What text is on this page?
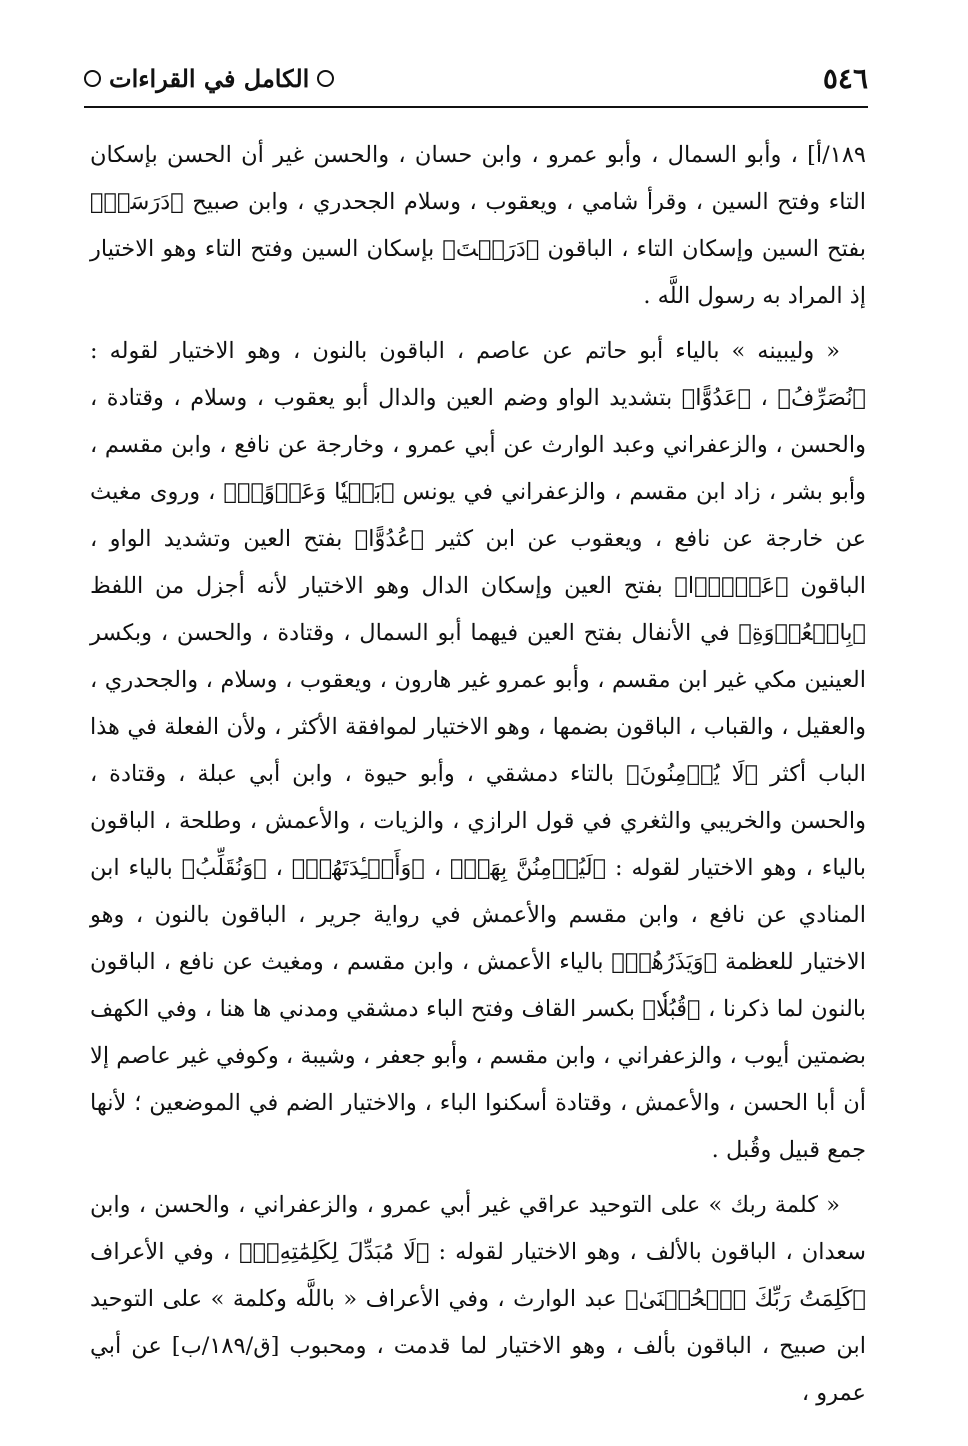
٥٤٦
الكامل في القراءات

١٨٩/أ] ، وأبو السمال ، وأبو عمرو ، وابن حسان ، والحسن غير أن الحسن بإسكان التاء وفتح السين ، وقرأ شامي ، ويعقوب ، وسلام الجحدري ، وابن صبيح ﴿دَرَسَتۡ﴾ بفتح السين وإسكان التاء ، الباقون ﴿دَرَسۡتَ﴾ بإسكان السين وفتح التاء وهو الاختيار إذ المراد به رسول اللَّه .

« وليبينه » بالياء أبو حاتم عن عاصم ، الباقون بالنون ، وهو الاختيار لقوله : ﴿نُصَرِّفُ﴾ ، ﴿عَدُوًّا﴾ بتشديد الواو وضم العين والدال أبو يعقوب ، وسلام ، وقتادة ، والحسن ، والزعفراني وعبد الوارث عن أبي عمرو ، وخارجة عن نافع ، وابن مقسم ، وأبو بشر ، زاد ابن مقسم ، والزعفراني في يونس ﴿بَغۡيٗا وَعَدۡوًاۚ﴾ ، وروى مغيث عن خارجة عن نافع ، ويعقوب عن ابن كثير ﴿عُدُوًّا﴾ بفتح العين وتشديد الواو ، الباقون ﴿عَدۡوَۢا﴾ بفتح العين وإسكان الدال وهو الاختيار لأنه أجزل من اللفظ ﴿بِالۡعُدۡوَةِ﴾ في الأنفال بفتح العين فيهما أبو السمال ، وقتادة ، والحسن ، وبكسر العينين مكي غير ابن مقسم ، وأبو عمرو غير هارون ، ويعقوب ، وسلام ، والجحدري ، والعقيل ، والقباب ، الباقون بضمها ، وهو الاختيار لموافقة الأكثر ، ولأن الفعلة في هذا الباب أكثر ﴿لَا يُؤۡمِنُونَ﴾ بالتاء دمشقي ، وأبو حيوة ، وابن أبي عبلة ، وقتادة ، والحسن والخريبي والثغري في قول الرازي ، والزيات ، والأعمش ، وطلحة ، الباقون بالياء ، وهو الاختيار لقوله : ﴿لَيُؤۡمِنُنَّ بِهَاۚ﴾ ، ﴿وَأَفۡـِٔدَتَهُمۡ﴾ ، ﴿وَنُقَلِّبُ﴾ بالياء ابن المنادي عن نافع ، وابن مقسم والأعمش في رواية جرير ، الباقون بالنون ، وهو الاختيار للعظمة ﴿وَيَذَرُهُمۡ﴾ بالياء الأعمش ، وابن مقسم ، ومغيث عن نافع ، الباقون بالنون لما ذكرنا ، ﴿قُبُلٗا﴾ بكسر القاف وفتح الباء دمشقي ومدني ها هنا ، وفي الكهف بضمتين أيوب ، والزعفراني ، وابن مقسم ، وأبو جعفر ، وشيبة ، وكوفي غير عاصم إلا أن أبا الحسن ، والأعمش ، وقتادة أسكنوا الباء ، والاختيار الضم في الموضعين ؛ لأنها جمع قبيل وقُبل .

« كلمة ربك » على التوحيد عراقي غير أبي عمرو ، والزعفراني ، والحسن ، وابن سعدان ، الباقون بالألف ، وهو الاختيار لقوله : ﴿لَا مُبَدِّلَ لِكَلِمَٰتِهِۦۚ﴾ ، وفي الأعراف ﴿كَلِمَتُ رَبِّكَ ٱلۡحُسۡنَىٰ﴾ عبد الوارث ، وفي الأعراف « باللَّه وكلمة » على التوحيد ابن صبيح ، الباقون بألف ، وهو الاختيار لما قدمت ، ومحبوب [ق/١٨٩/ب] عن أبي عمرو ،
